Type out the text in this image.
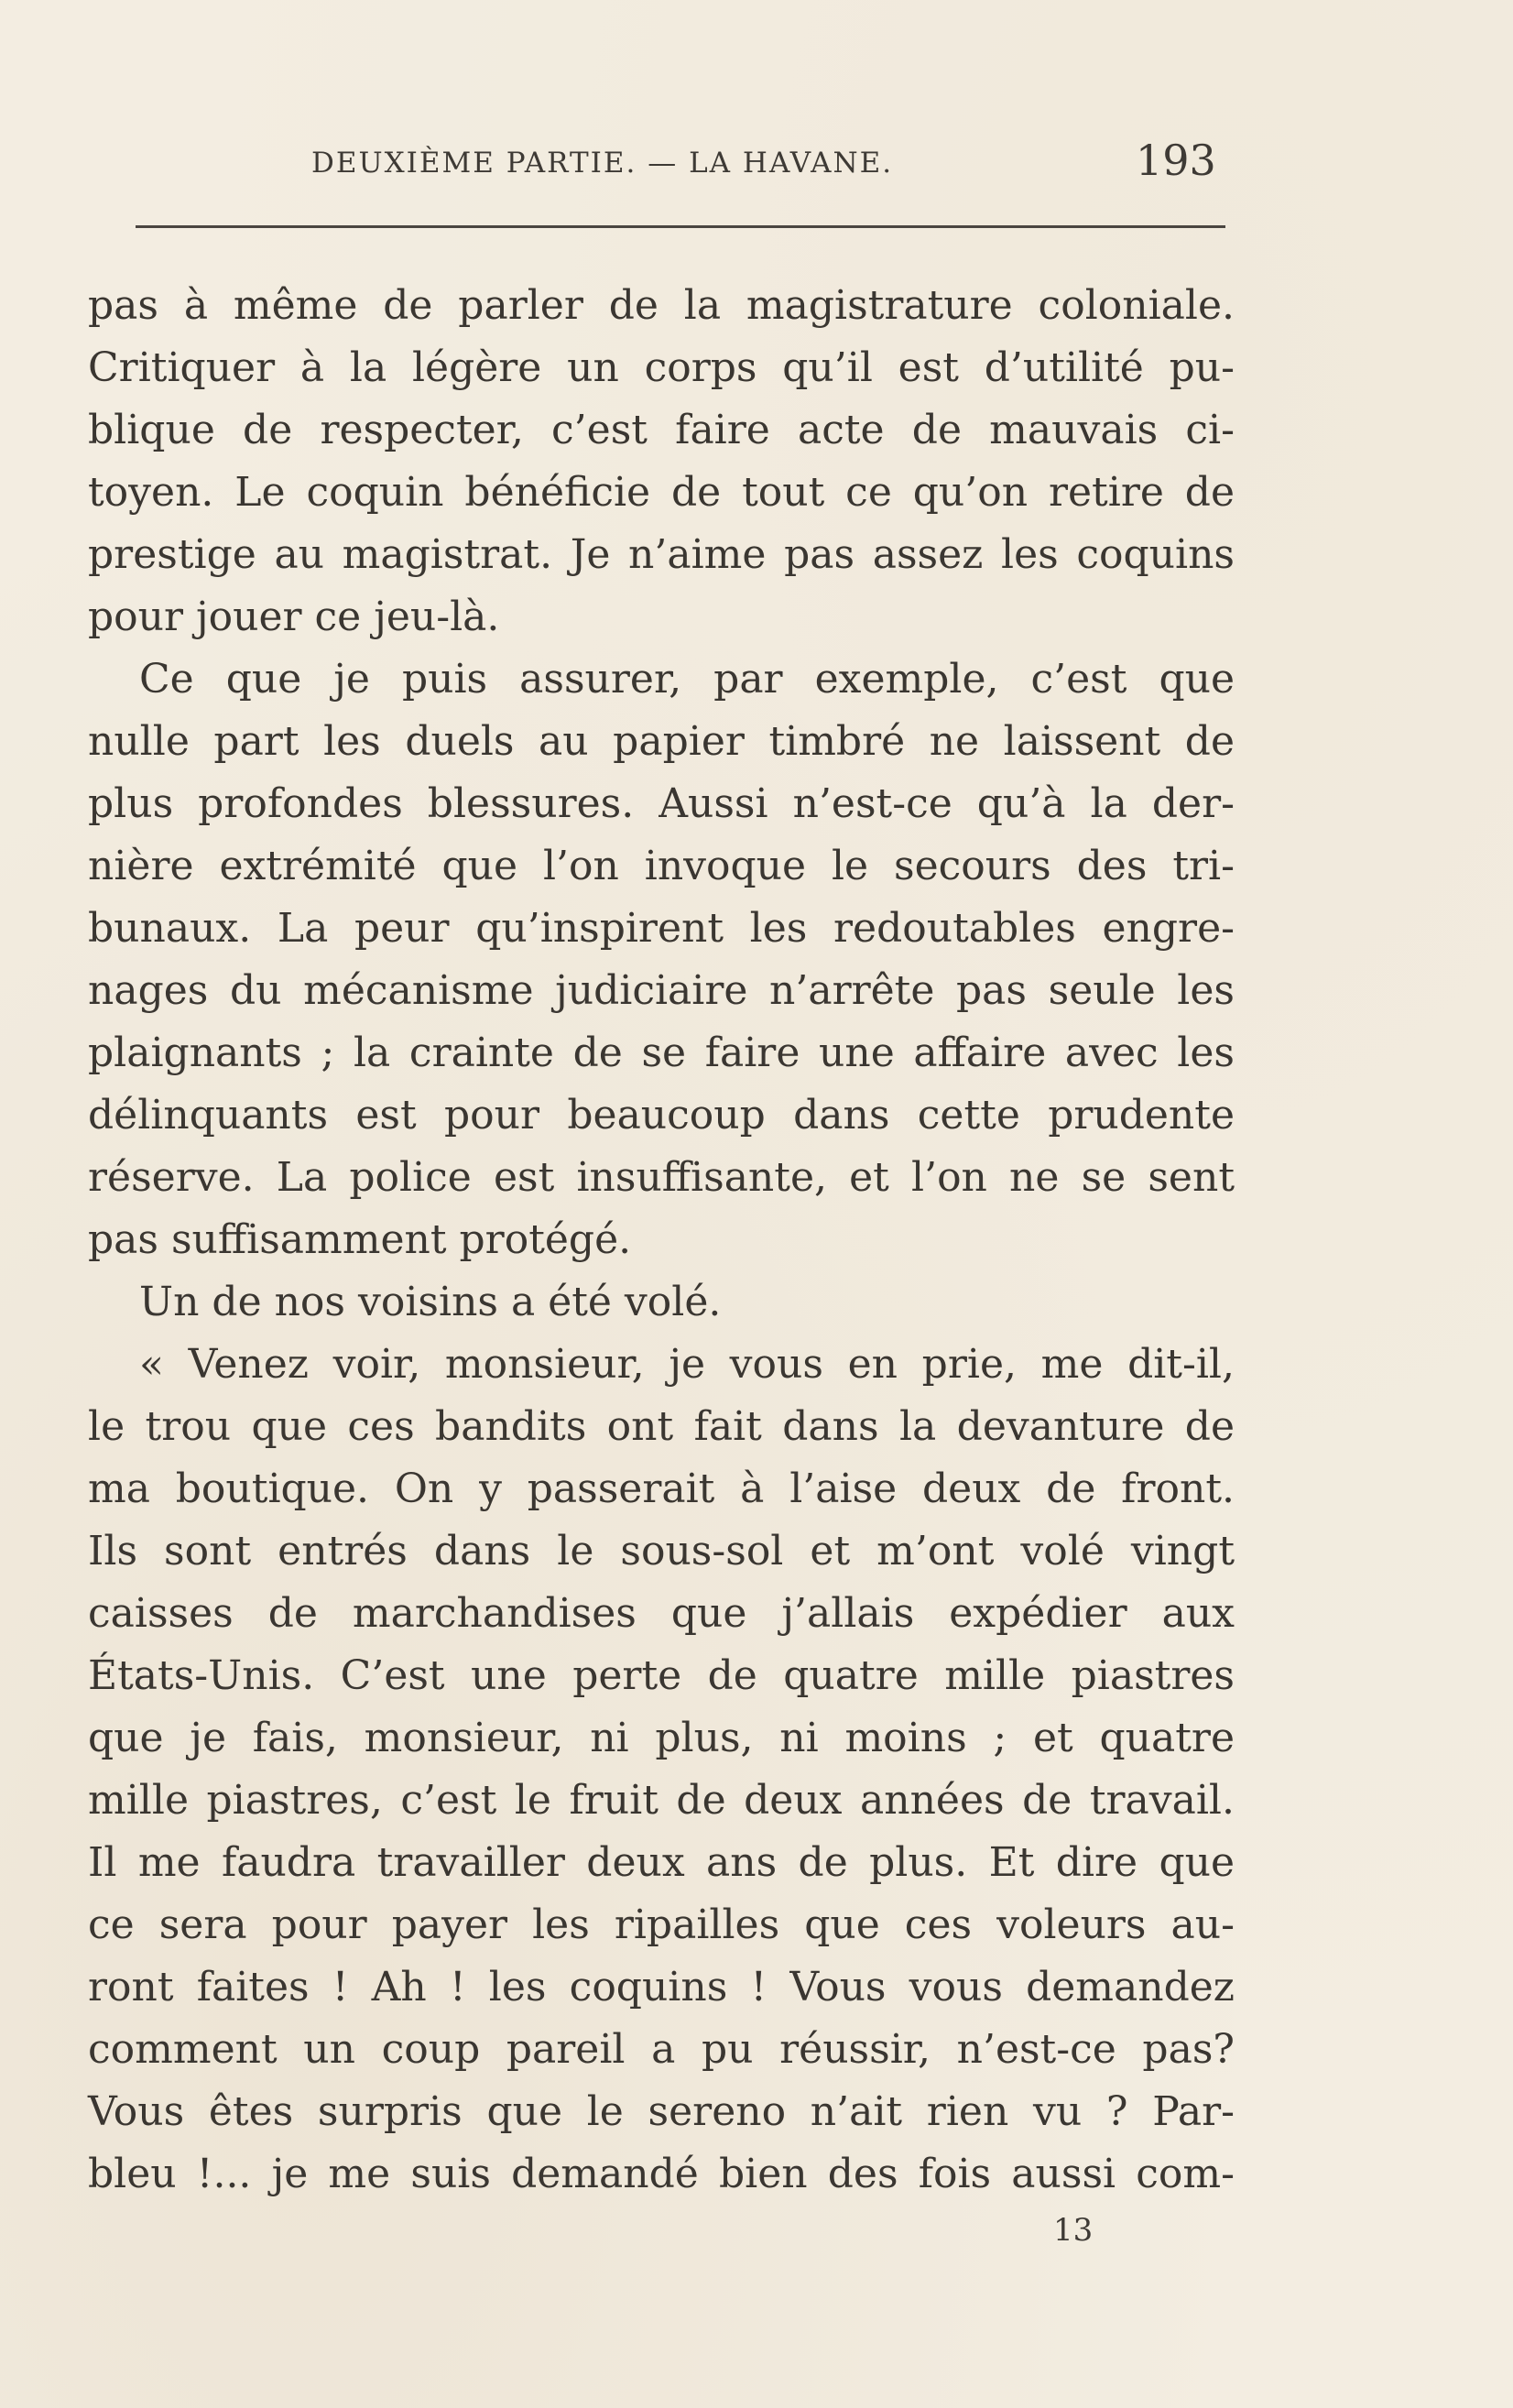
DEUXIÈME PARTIE. — LA HAVANE.	193
pas à même de parler de la magistrature coloniale.
Critiquer à la légère un corps qu’il est d’utilité pu-
blique de respecter, c’est faire acte de mauvais ci-
toyen. Le coquin bénéficie de tout ce qu’on retire de
prestige au magistrat. Je n’aime pas assez les coquins
pour jouer ce jeu-là.
Ce que je puis assurer, par exemple, c’est que
nulle part les duels au papier timbré ne laissent de
plus profondes blessures. Aussi n’est-ce qu’à la der-
nière extrémité que l’on invoque le secours des tri-
bunaux. La peur qu’inspirent les redoutables engre-
nages du mécanisme judiciaire n’arrête pas seule les
plaignants ; la crainte de se faire une affaire avec les
délinquants est pour beaucoup dans cette prudente
réserve. La police est insuffisante, et l’on ne se sent
pas suffisamment protégé.
Un de nos voisins a été volé.
« Venez voir, monsieur, je vous en prie, me dit-il,
le trou que ces bandits ont fait dans la devanture de
ma boutique. On y passerait à l’aise deux de front.
Ils sont entrés dans le sous-sol et m’ont volé vingt
caisses de marchandises que j’allais expédier aux
États-Unis. C’est une perte de quatre mille piastres
que je fais, monsieur, ni plus, ni moins ; et quatre
mille piastres, c’est le fruit de deux années de travail.
Il me faudra travailler deux ans de plus. Et dire que
ce sera pour payer les ripailles que ces voleurs au-
ront faites ! Ah ! les coquins ! Vous vous demandez
comment un coup pareil a pu réussir, n’est-ce pas?
Vous êtes surpris que le sereno n’ait rien vu ? Par-
bleu !... je me suis demandé bien des fois aussi com-
13
